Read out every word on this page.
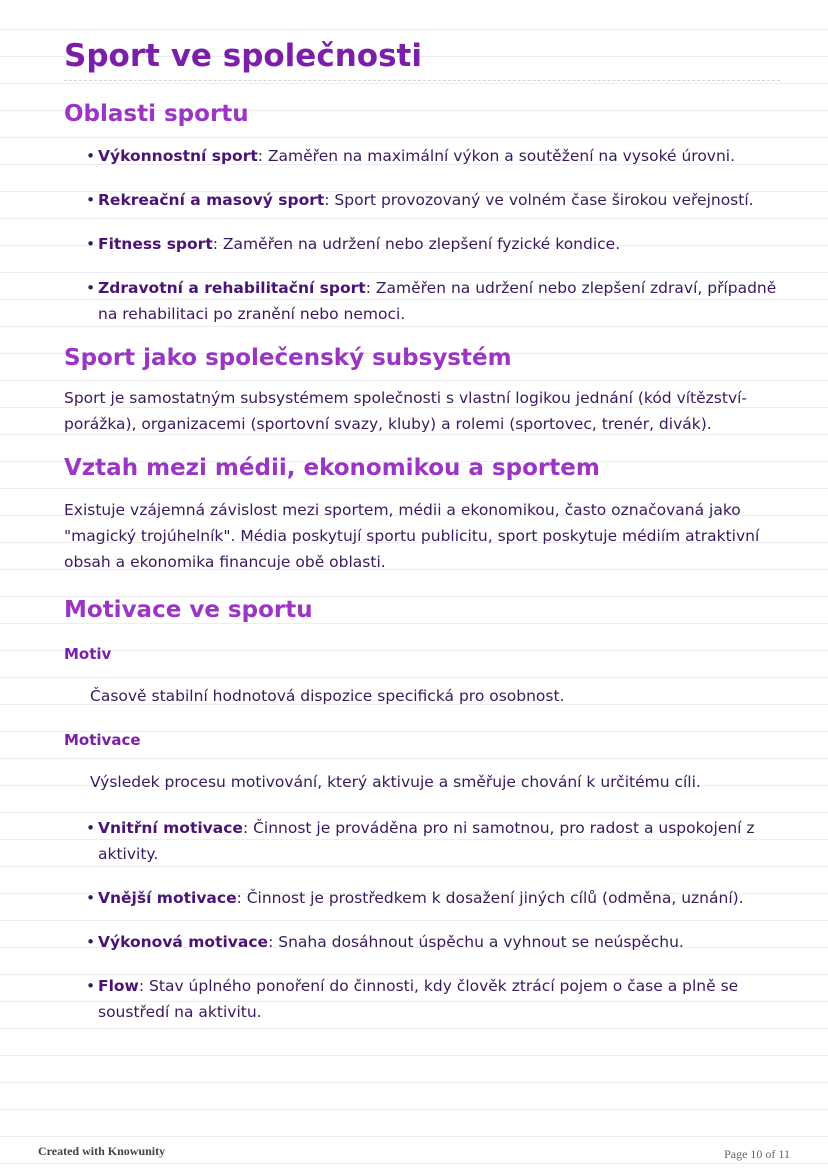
Sport ve společnosti
Oblasti sportu
• Výkonnostní sport: Zaměřen na maximální výkon a soutěžení na vysoké úrovni.
• Rekreační a masový sport: Sport provozovaný ve volném čase širokou veřejností.
• Fitness sport: Zaměřen na udržení nebo zlepšení fyzické kondice.
• Zdravotní a rehabilitační sport: Zaměřen na udržení nebo zlepšení zdraví, případně na rehabilitaci po zranění nebo nemoci.
Sport jako společenský subsystém

Sport je samostatným subsystémem společnosti s vlastní logikou jednání (kód vítězství-porážka), organizacemi (sportovní svazy, kluby) a rolemi (sportovec, trenér, divák).

Vztah mezi médii, ekonomikou a sportem

Existuje vzájemná závislost mezi sportem, médii a ekonomikou, často označovaná jako "magický trojúhelník". Média poskytují sportu publicitu, sport poskytuje médiím atraktivní obsah a ekonomika financuje obě oblasti.

Motivace ve sportu
Motiv

Časově stabilní hodnotová dispozice specifická pro osobnost.

Motivace

Výsledek procesu motivování, který aktivuje a směřuje chování k určitému cíli.

• Vnitřní motivace: Činnost je prováděna pro ni samotnou, pro radost a uspokojení z aktivity.
• Vnější motivace: Činnost je prostředkem k dosažení jiných cílů (odměna, uznání).
• Výkonová motivace: Snaha dosáhnout úspěchu a vyhnout se neúspěchu.
• Flow: Stav úplného ponoření do činnosti, kdy člověk ztrácí pojem o čase a plně se soustředí na aktivitu.
Created with Knowunity	Page 10 of 11
